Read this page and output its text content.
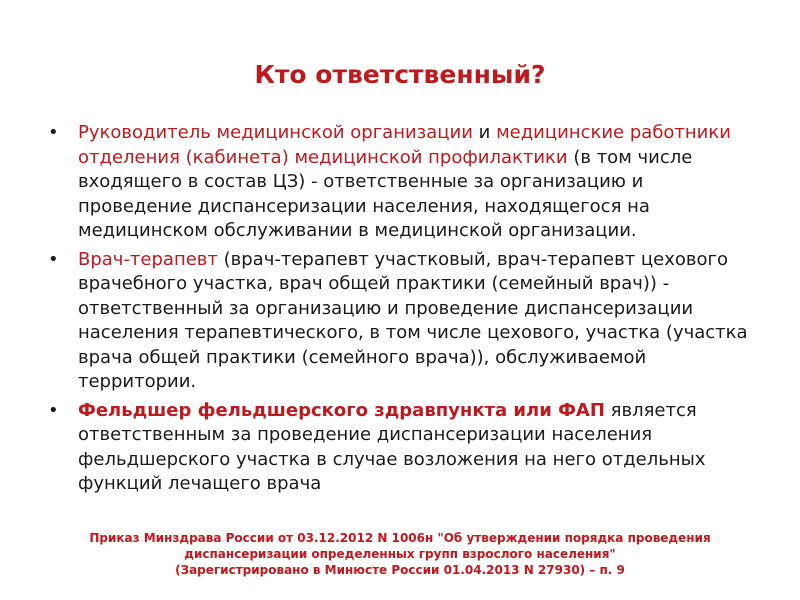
Кто ответственный?
•	Руководитель медицинской организации и медицинские работники отделения (кабинета) медицинской профилактики (в том числе входящего в состав ЦЗ) - ответственные за организацию и проведение диспансеризации населения, находящегося на медицинском обслуживании в медицинской организации.
•	Врач-терапевт (врач-терапевт участковый, врач-терапевт цехового врачебного участка, врач общей практики (семейный врач)) - ответственный за организацию и проведение диспансеризации населения терапевтического, в том числе цехового, участка (участка врача общей практики (семейного врача)), обслуживаемой территории.
•	Фельдшер фельдшерского здравпункта или ФАП является ответственным за проведение диспансеризации населения фельдшерского участка в случае возложения на него отдельных функций лечащего врача
Приказ Минздрава России от 03.12.2012 N 1006н "Об утверждении порядка проведения
диспансеризации определенных групп взрослого населения"
(Зарегистрировано в Минюсте России 01.04.2013 N 27930) – п. 9
